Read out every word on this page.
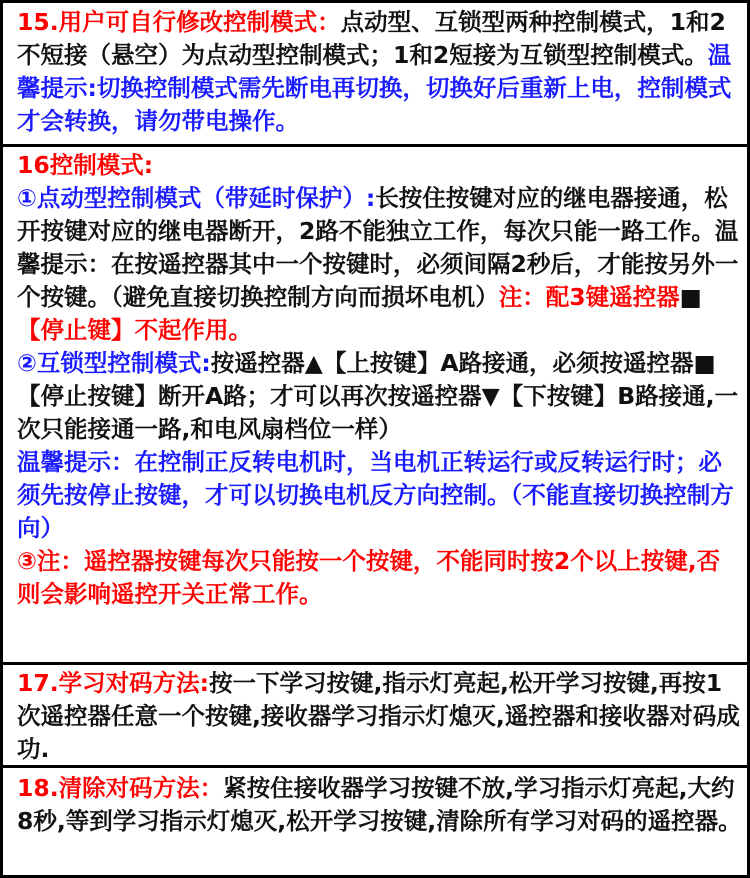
15.用户可自行修改控制模式：点动型、互锁型两种控制模式，1和2不短接（悬空）为点动型控制模式；1和2短接为互锁型控制模式。温馨提示:切换控制模式需先断电再切换，切换好后重新上电，控制模式才会转换，请勿带电操作。

16控制模式:

①点动型控制模式（带延时保护）:长按住按键对应的继电器接通，松开按键对应的继电器断开，2路不能独立工作，每次只能一路工作。温馨提示：在按遥控器其中一个按键时，必须间隔2秒后，才能按另外一个按键。（避免直接切换控制方向而损坏电机）注：配3键遥控器■【停止键】不起作用。

②互锁型控制模式:按遥控器▲【上按键】A路接通，必须按遥控器■【停止按键】断开A路；才可以再次按遥控器▼【下按键】B路接通,一次只能接通一路,和电风扇档位一样）

温馨提示：在控制正反转电机时，当电机正转运行或反转运行时；必须先按停止按键，才可以切换电机反方向控制。（不能直接切换控制方向）

③注：遥控器按键每次只能按一个按键，不能同时按2个以上按键,否则会影响遥控开关正常工作。

17.学习对码方法:按一下学习按键,指示灯亮起,松开学习按键,再按1次遥控器任意一个按键,接收器学习指示灯熄灭,遥控器和接收器对码成功.
18.清除对码方法：紧按住接收器学习按键不放,学习指示灯亮起,大约8秒,等到学习指示灯熄灭,松开学习按键,清除所有学习对码的遥控器。
